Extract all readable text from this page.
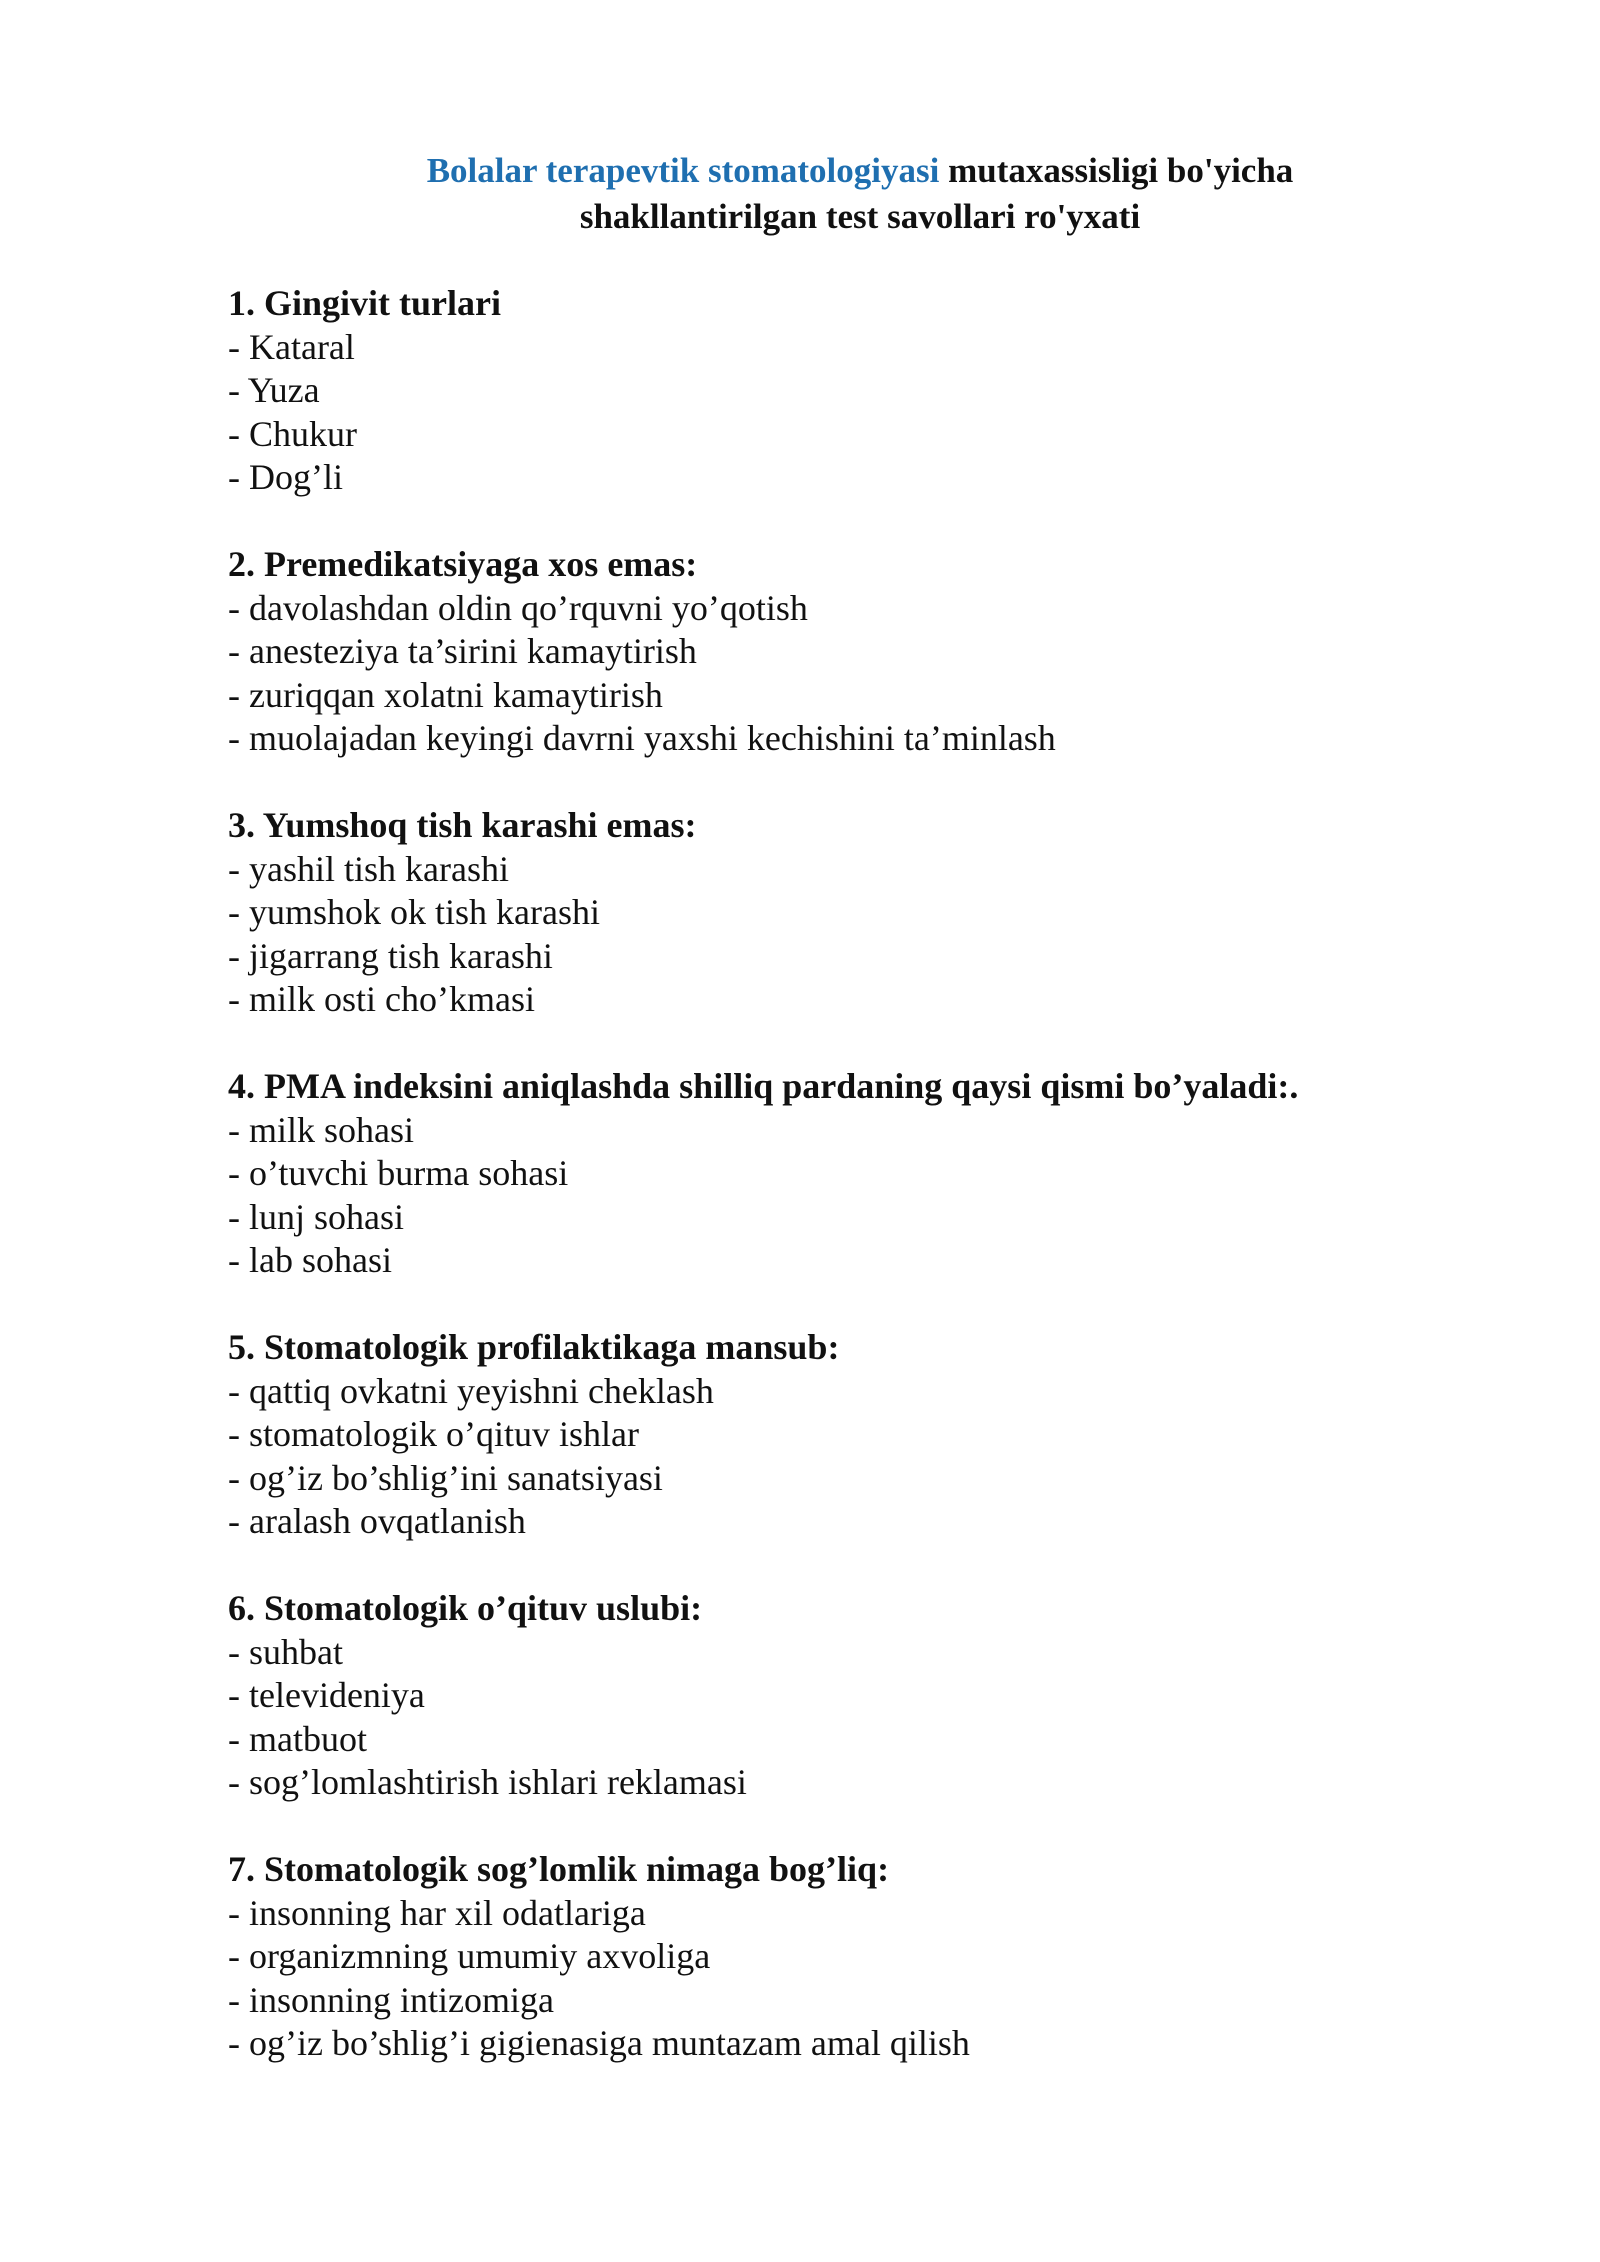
Bolalar terapevtik stomatologiyasi mutaxassisligi bo'yicha
shakllantirilgan test savollari ro'yxati
1. Gingivit turlari
- Kataral
- Yuza
- Chukur
- Dog’li
2. Premedikatsiyaga xos emas:
- davolashdan oldin qo’rquvni yo’qotish
- anesteziya ta’sirini kamaytirish
- zuriqqan xolatni kamaytirish
- muolajadan keyingi davrni yaxshi kechishini ta’minlash
3. Yumshoq tish karashi emas:
- yashil tish karashi
- yumshok ok tish karashi
- jigarrang tish karashi
- milk osti cho’kmasi
4. PMA indeksini aniqlashda shilliq pardaning qaysi qismi bo’yaladi:.
- milk sohasi
- o’tuvchi burma sohasi
- lunj sohasi
- lab sohasi
5. Stomatologik profilaktikaga mansub:
- qattiq ovkatni yeyishni cheklash
- stomatologik o’qituv ishlar
- og’iz bo’shlig’ini sanatsiyasi
- aralash ovqatlanish
6. Stomatologik o’qituv uslubi:
- suhbat
- televideniya
- matbuot
- sog’lomlashtirish ishlari reklamasi
7. Stomatologik sog’lomlik nimaga bog’liq:
- insonning har xil odatlariga
- organizmning umumiy axvoliga
- insonning intizomiga
- og’iz bo’shlig’i gigienasiga muntazam amal qilish
